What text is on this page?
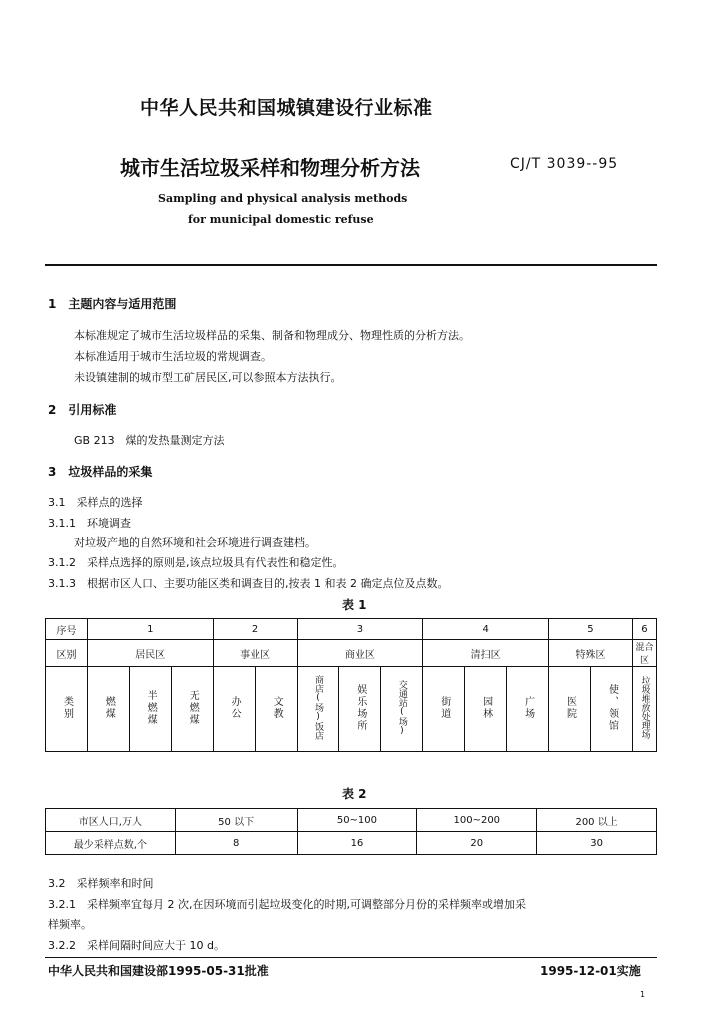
中华人民共和国城镇建设行业标准
城市生活垃圾采样和物理分析方法	CJ/T 3039--95
Sampling and physical analysis methods
for municipal domestic refuse
1　主题内容与适用范围
本标准规定了城市生活垃圾样品的采集、制备和物理成分、物理性质的分析方法。
本标准适用于城市生活垃圾的常规调查。
未设镇建制的城市型工矿居民区,可以参照本方法执行。
2　引用标准
GB 213　煤的发热量测定方法
3　垃圾样品的采集
3.1　采样点的选择
3.1.1　环境调查
对垃圾产地的自然环境和社会环境进行调查建档。
3.1.2　采样点选择的原则是,该点垃圾具有代表性和稳定性。
3.1.3　根据市区人口、主要功能区类和调查目的,按表 1 和表 2 确定点位及点数。
表 1
序号	1			2		3			4			5		6
区别	居民区			事业区		商业区			清扫区			特殊区		混合区
类别	燃煤	半燃煤	无燃煤	办公	文教	商店(场)饭店	娱乐场所	交通站(场)	街道	园林	广场	医院	使、领馆	垃圾堆放处理场
表 2
市区人口,万人	50 以下	50~100	100~200	200 以上
最少采样点数,个	8	16	20	30
3.2　采样频率和时间
3.2.1　采样频率宜每月 2 次,在因环境而引起垃圾变化的时期,可调整部分月份的采样频率或增加采
样频率。
3.2.2　采样间隔时间应大于 10 d。
中华人民共和国建设部1995-05-31批准	1995-12-01实施
1
